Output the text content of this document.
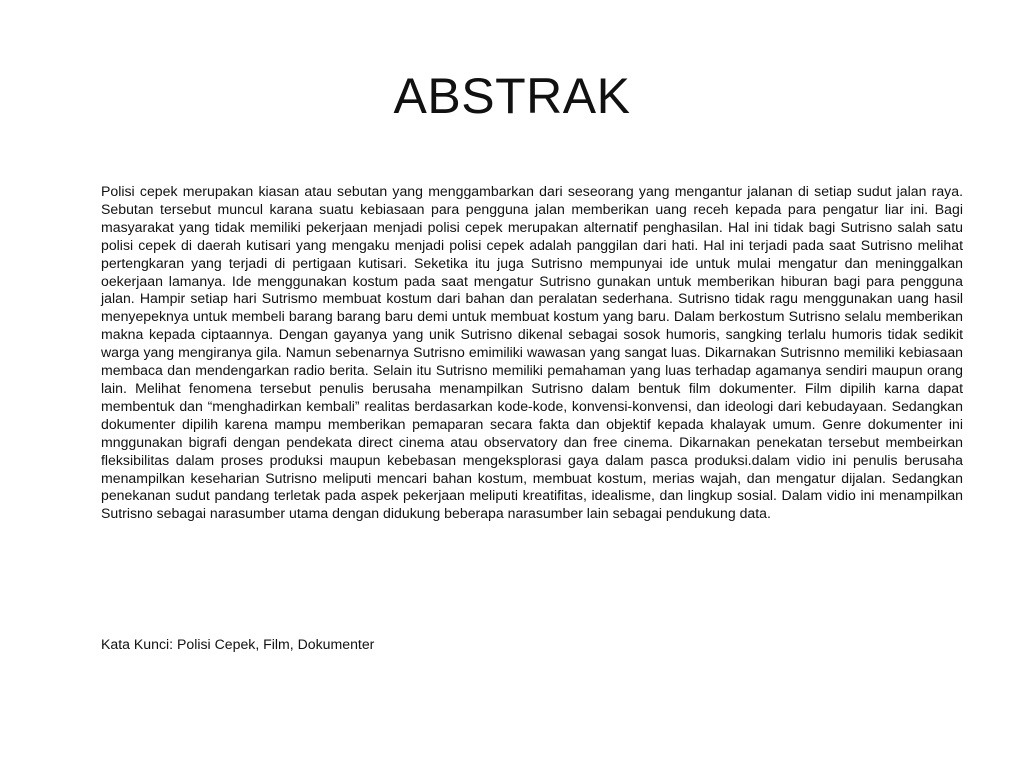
ABSTRAK

Polisi cepek merupakan kiasan atau sebutan yang menggambarkan dari seseorang yang mengantur jalanan di setiap sudut jalan raya. Sebutan tersebut muncul karana suatu kebiasaan para pengguna jalan memberikan uang receh kepada para pengatur liar ini. Bagi masyarakat yang tidak memiliki pekerjaan menjadi polisi cepek merupakan alternatif penghasilan. Hal ini tidak bagi Sutrisno salah satu polisi cepek di daerah kutisari yang mengaku menjadi polisi cepek adalah panggilan dari hati. Hal ini terjadi pada saat Sutrisno melihat pertengkaran yang terjadi di pertigaan kutisari. Seketika itu juga Sutrisno mempunyai ide untuk mulai mengatur dan meninggalkan oekerjaan lamanya. Ide menggunakan kostum pada saat mengatur Sutrisno gunakan untuk memberikan hiburan bagi para pengguna jalan. Hampir setiap hari Sutrismo membuat kostum dari bahan dan peralatan sederhana. Sutrisno tidak ragu menggunakan uang hasil menyepeknya untuk membeli barang barang baru demi untuk membuat kostum yang baru. Dalam berkostum Sutrisno selalu memberikan makna kepada ciptaannya. Dengan gayanya yang unik Sutrisno dikenal sebagai sosok humoris, sangking terlalu humoris tidak sedikit warga yang mengiranya gila. Namun sebenarnya Sutrisno emimiliki wawasan yang sangat luas. Dikarnakan Sutrisnno memiliki kebiasaan membaca dan mendengarkan radio berita. Selain itu Sutrisno memiliki pemahaman yang luas terhadap agamanya sendiri maupun orang lain. Melihat fenomena tersebut penulis berusaha menampilkan Sutrisno dalam bentuk film dokumenter. Film dipilih karna dapat membentuk dan “menghadirkan kembali” realitas berdasarkan kode-kode, konvensi-konvensi, dan ideologi dari kebudayaan. Sedangkan dokumenter dipilih karena mampu memberikan pemaparan secara fakta dan objektif kepada khalayak umum. Genre dokumenter ini mnggunakan bigrafi dengan pendekata direct cinema atau observatory dan free cinema. Dikarnakan penekatan tersebut membeirkan fleksibilitas dalam proses produksi maupun kebebasan mengeksplorasi gaya dalam pasca produksi.dalam vidio ini penulis berusaha menampilkan keseharian Sutrisno meliputi mencari bahan kostum, membuat kostum, merias wajah, dan mengatur dijalan. Sedangkan penekanan sudut pandang terletak pada aspek pekerjaan meliputi kreatifitas, idealisme, dan lingkup sosial. Dalam vidio ini menampilkan Sutrisno sebagai narasumber utama dengan didukung beberapa narasumber lain sebagai pendukung data.

Kata Kunci: Polisi Cepek, Film, Dokumenter
